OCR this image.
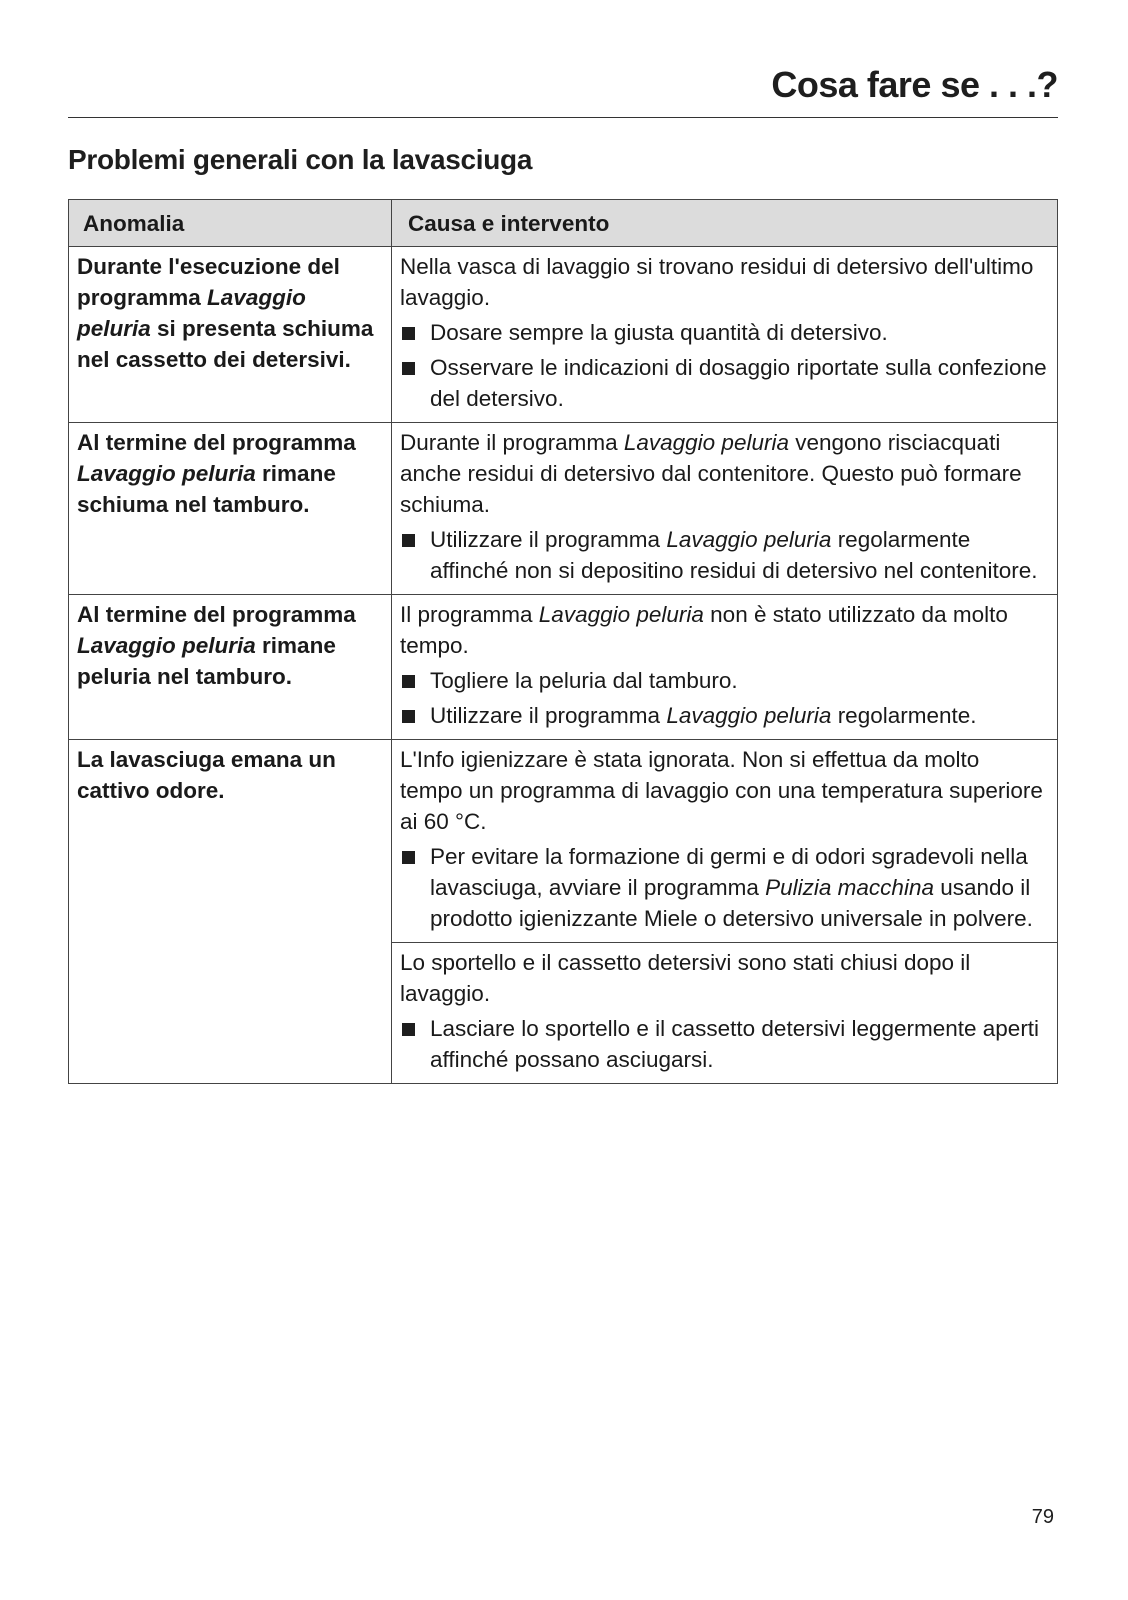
Cosa fare se . . .?
Problemi generali con la lavasciuga
Anomalia	Causa e intervento
Durante l'esecuzione del programma Lavaggio peluria si presenta schiuma nel cassetto dei detersivi.	Nella vasca di lavaggio si trovano residui di detersivo dell'ultimo lavaggio.
Dosare sempre la giusta quantità di detersivo.
Osservare le indicazioni di dosaggio riportate sulla confezione del detersivo.

Al termine del programma Lavaggio peluria rimane schiuma nel tamburo.	Durante il programma Lavaggio peluria vengono risciacquati anche residui di detersivo dal contenitore. Questo può formare schiuma.
Utilizzare il programma Lavaggio peluria regolarmente affinché non si depositino residui di detersivo nel contenitore.

Al termine del programma Lavaggio peluria rimane peluria nel tamburo.	Il programma Lavaggio peluria non è stato utilizzato da molto tempo.
Togliere la peluria dal tamburo.
Utilizzare il programma Lavaggio peluria regolarmente.

La lavasciuga emana un cattivo odore.	L'Info igienizzare è stata ignorata. Non si effettua da molto tempo un programma di lavaggio con una temperatura superiore ai 60 °C.
Per evitare la formazione di germi e di odori sgradevoli nella lavasciuga, avviare il programma Pulizia macchina usando il prodotto igienizzante Miele o detersivo universale in polvere.

	Lo sportello e il cassetto detersivi sono stati chiusi dopo il lavaggio.
Lasciare lo sportello e il cassetto detersivi leggermente aperti affinché possano asciugarsi.
79
